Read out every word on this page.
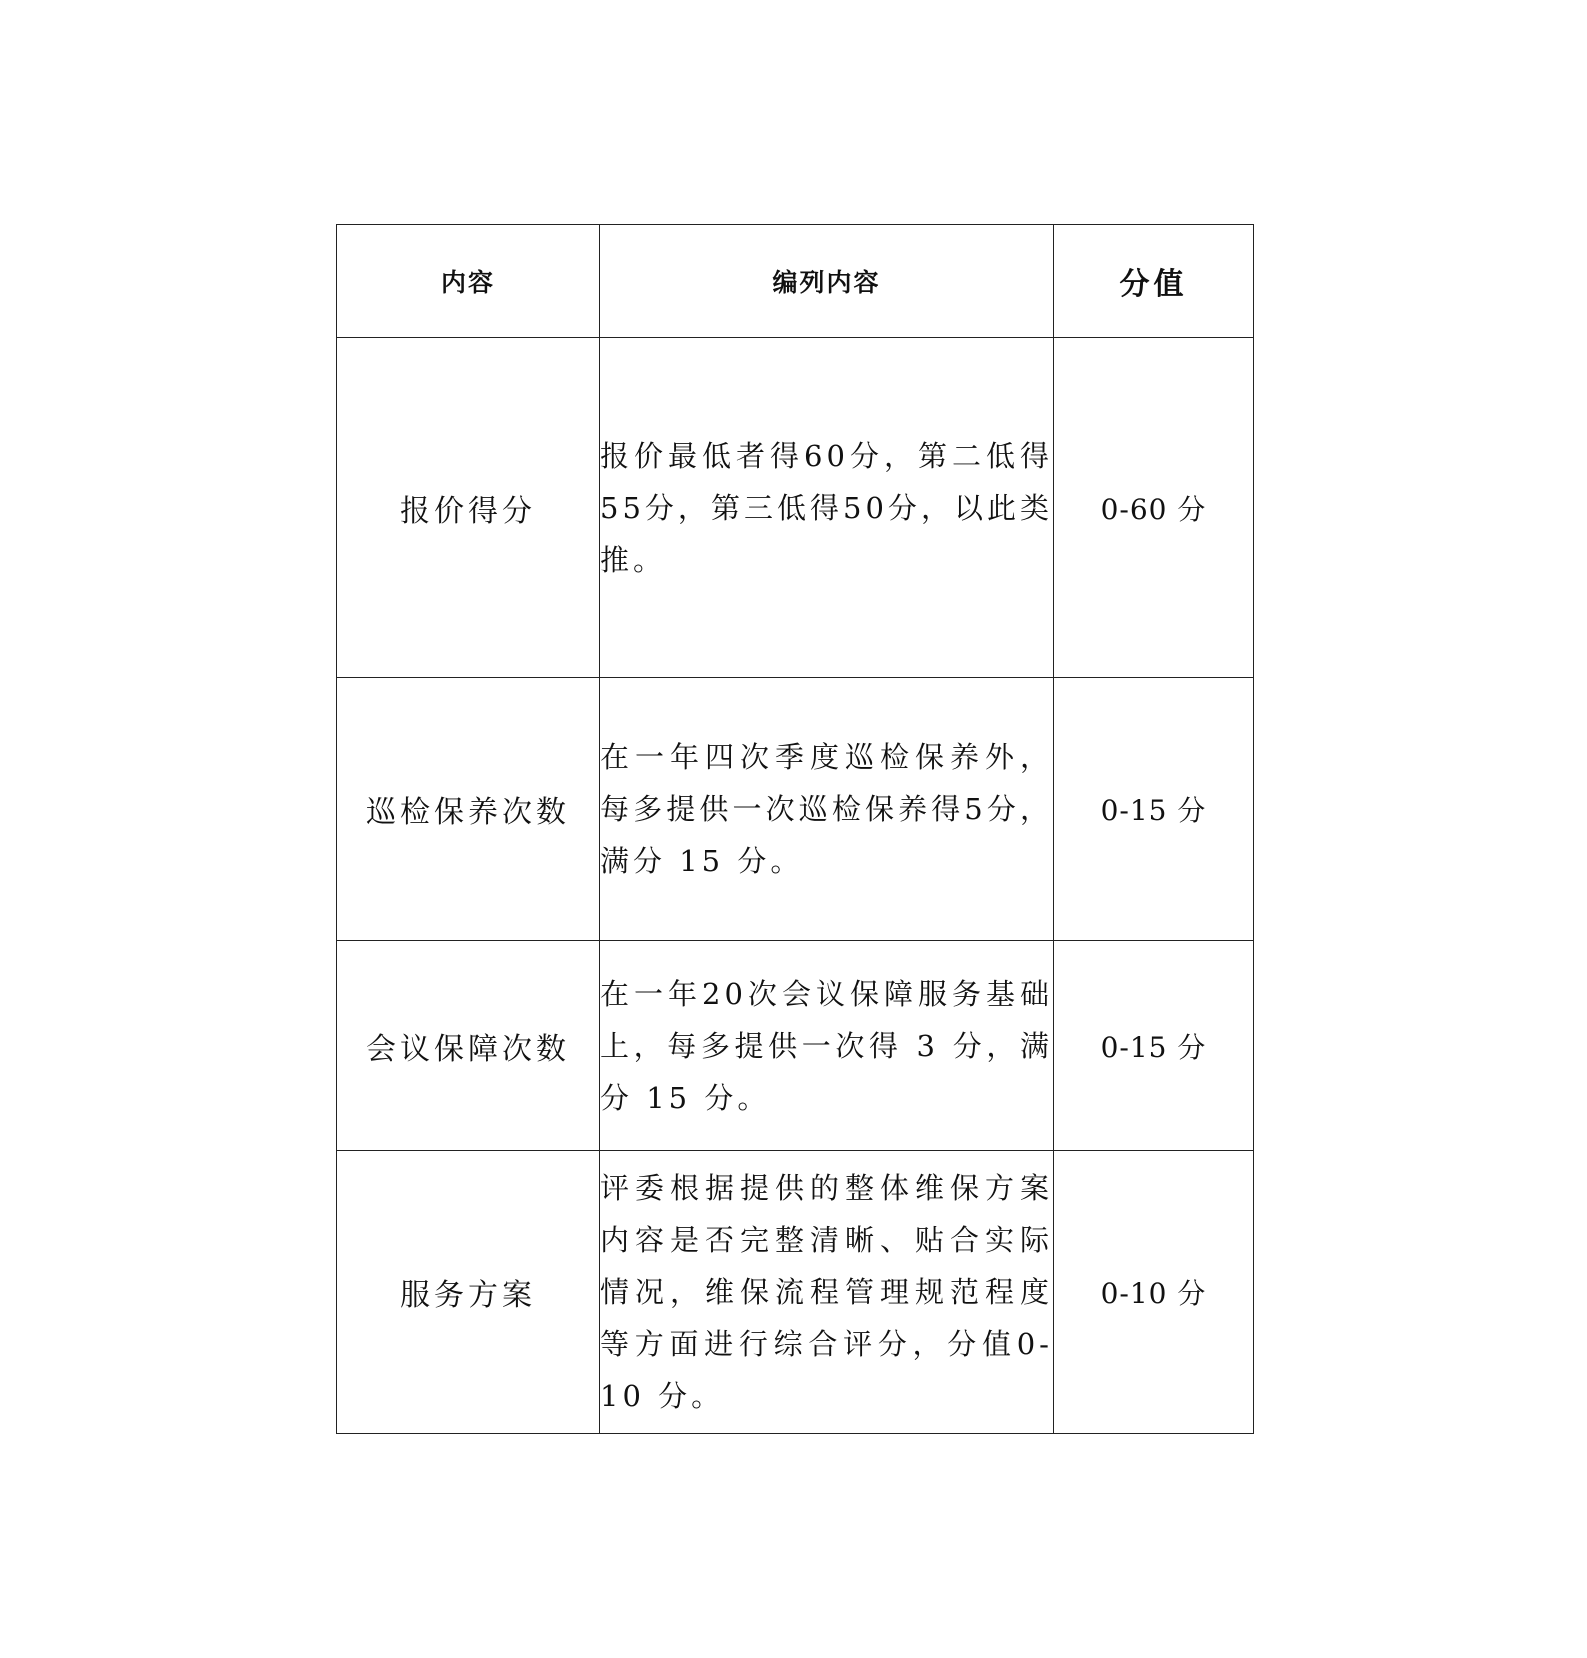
内容	编列内容	分值
报价得分	报价最低者得60分，第二低得55分，第三低得50分，以此类推。	0-60 分
巡检保养次数	在一年四次季度巡检保养外，每多提供一次巡检保养得5分，满分 15 分。	0-15 分
会议保障次数	在一年20次会议保障服务基础上，每多提供一次得 3 分，满分 15 分。	0-15 分
服务方案	评委根据提供的整体维保方案内容是否完整清晰、贴合实际情况，维保流程管理规范程度等方面进行综合评分，分值0-10 分。	0-10 分
